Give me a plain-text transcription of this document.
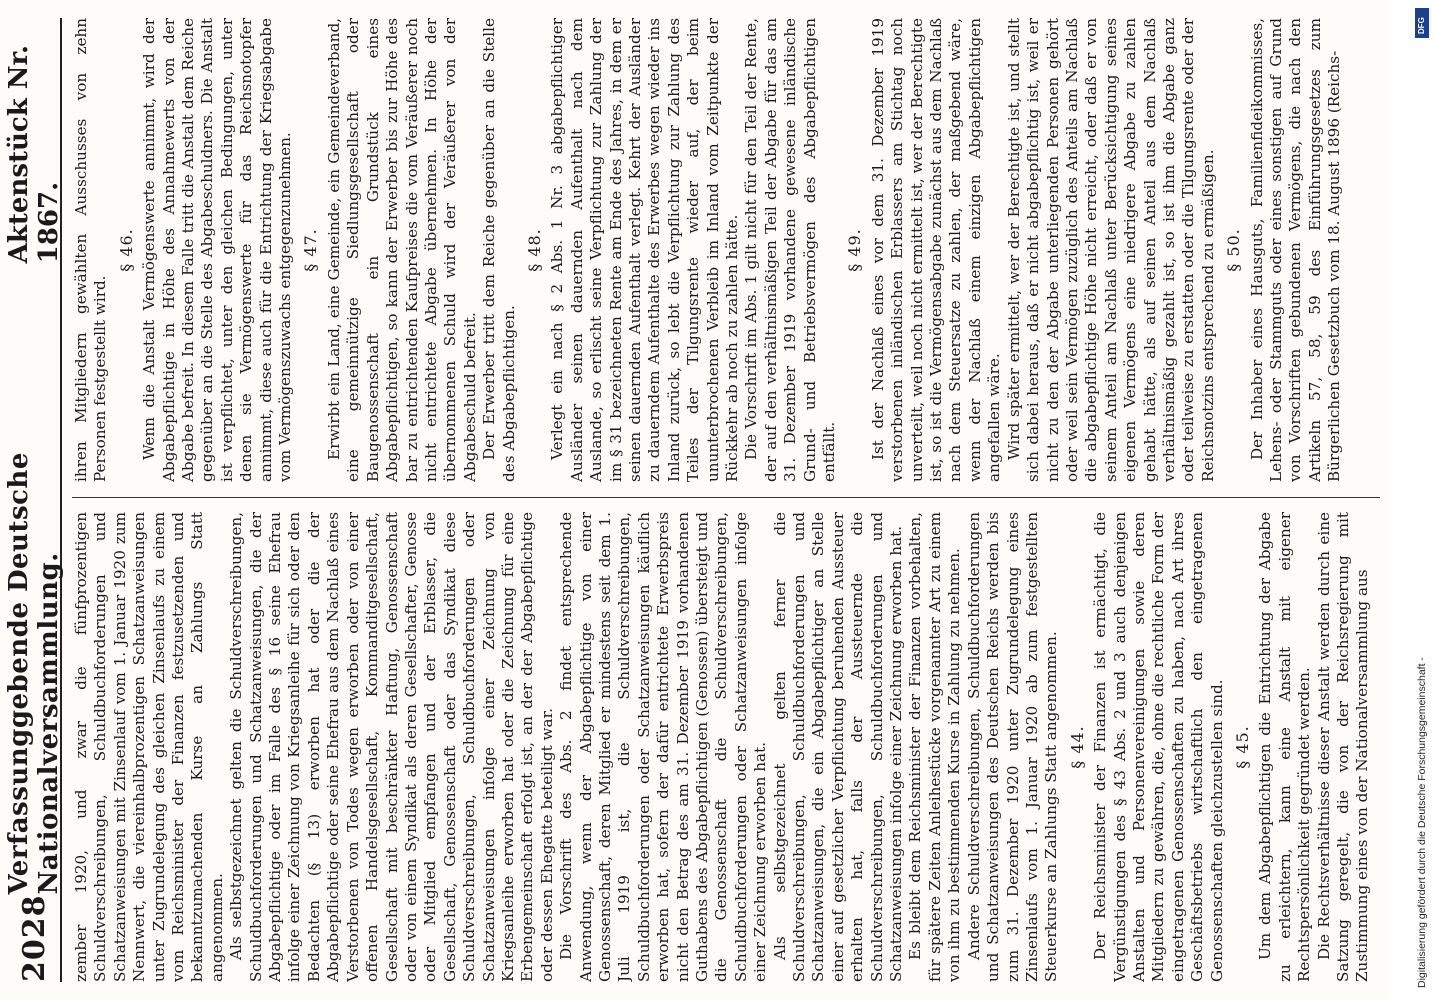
2028
Verfassunggebende Deutsche Nationalversammlung.
Aktenstück Nr. 1867.

zember 1920, und zwar die fünfprozentigen Schuldverschreibungen, Schuldbuchforderungen und Schatzanweisungen mit Zinsenlauf vom 1. Januar 1920 zum Nennwert, die viereinhalbprozentigen Schatzanweisungen unter Zugrundelegung des gleichen Zinsenlaufs zu einem vom Reichsminister der Finanzen festzusetzenden und bekanntzumachenden Kurse an Zahlungs Statt angenommen. Als selbstgezeichnet gelten die Schuldverschreibungen, Schuldbuchforderungen und Schatzanweisungen, die der Abgabepflichtige oder im Falle des § 16 seine Ehefrau infolge einer Zeichnung von Kriegsanleihe für sich oder den Bedachten (§ 13) erworben hat oder die der Abgabepflichtige oder seine Ehefrau aus dem Nachlaß eines Verstorbenen von Todes wegen erworben oder von einer offenen Handelsgesellschaft, Kommanditgesellschaft, Gesellschaft mit beschränkter Haftung, Genossenschaft oder von einem Syndikat als deren Gesellschafter, Genosse oder Mitglied empfangen und der Erblasser, die Gesellschaft, Genossenschaft oder das Syndikat diese Schuldverschreibungen, Schuldbuchforderungen oder Schatzanweisungen infolge einer Zeichnung von Kriegsanleihe erworben hat oder die Zeichnung für eine Erbengemeinschaft erfolgt ist, an der der Abgabepflichtige oder dessen Ehegatte beteiligt war. Die Vorschrift des Abs. 2 findet entsprechende Anwendung, wenn der Abgabepflichtige von einer Genossenschaft, deren Mitglied er mindestens seit dem 1. Juli 1919 ist, die Schuldverschreibungen, Schuldbuchforderungen oder Schatzanweisungen käuflich erworben hat, sofern der dafür entrichtete Erwerbspreis nicht den Betrag des am 31. Dezember 1919 vorhandenen Guthabens des Abgabepflichtigen (Genossen) übersteigt und die Genossenschaft die Schuldverschreibungen, Schuldbuchforderungen oder Schatzanweisungen infolge einer Zeichnung erworben hat. Als selbstgezeichnet gelten ferner die Schuldverschreibungen, Schuldbuchforderungen und Schatzanweisungen, die ein Abgabepflichtiger an Stelle einer auf gesetzlicher Verpflichtung beruhenden Aussteuer erhalten hat, falls der Aussteuernde die Schuldverschreibungen, Schuldbuchforderungen und Schatzanweisungen infolge einer Zeichnung erworben hat. Es bleibt dem Reichsminister der Finanzen vorbehalten, für spätere Zeiten Anleihestücke vorgenannter Art zu einem von ihm zu bestimmenden Kurse in Zahlung zu nehmen. Andere Schuldverschreibungen, Schuldbuchforderungen und Schatzanweisungen des Deutschen Reichs werden bis zum 31. Dezember 1920 unter Zugrundelegung eines Zinsenlaufs vom 1. Januar 1920 ab zum festgestellten Steuerkurse an Zahlungs Statt angenommen. § 44. Der Reichsminister der Finanzen ist ermächtigt, die Vergünstigungen des § 43 Abs. 2 und 3 auch denjenigen Anstalten und Personenvereinigungen sowie deren Mitgliedern zu gewähren, die, ohne die rechtliche Form der eingetragenen Genossenschaften zu haben, nach Art ihres Geschäftsbetriebs wirtschaftlich den eingetragenen Genossenschaften gleichzustellen sind. § 45. Um dem Abgabepflichtigen die Entrichtung der Abgabe zu erleichtern, kann eine Anstalt mit eigener Rechtspersönlichkeit gegründet werden. Die Rechtsverhältnisse dieser Anstalt werden durch eine Satzung geregelt, die von der Reichsregierung mit Zustimmung eines von der Nationalversammlung aus

ihren Mitgliedern gewählten Ausschusses von zehn Personen festgestellt wird.

§ 46. Wenn die Anstalt Vermögenswerte annimmt, wird der Abgabepflichtige in Höhe des Annahmewerts von der Abgabe befreit. In diesem Falle tritt die Anstalt dem Reiche gegenüber an die Stelle des Abgabeschuldners. Die Anstalt ist verpflichtet, unter den gleichen Bedingungen, unter denen sie Vermögenswerte für das Reichsnotopfer annimmt, diese auch für die Entrichtung der Kriegsabgabe vom Vermögenszuwachs entgegenzunehmen. § 47. Erwirbt ein Land, eine Gemeinde, ein Gemeindeverband, eine gemeinnützige Siedlungsgesellschaft oder Baugenossenschaft ein Grundstück eines Abgabepflichtigen, so kann der Erwerber bis zur Höhe des bar zu entrichtenden Kaufpreises die vom Veräußerer noch nicht entrichtete Abgabe übernehmen. In Höhe der übernommenen Schuld wird der Veräußerer von der Abgabeschuld befreit. Der Erwerber tritt dem Reiche gegenüber an die Stelle des Abgabepflichtigen.

§ 48. Verlegt ein nach § 2 Abs. 1 Nr. 3 abgabepflichtiger Ausländer seinen dauernden Aufenthalt nach dem Auslande, so erlischt seine Verpflichtung zur Zahlung der im § 31 bezeichneten Rente am Ende des Jahres, in dem er seinen dauernden Aufenthalt verlegt. Kehrt der Ausländer zu dauerndem Aufenthalte des Erwerbes wegen wieder ins Inland zurück, so lebt die Verpflichtung zur Zahlung des Teiles der Tilgungsrente wieder auf, der beim ununterbrochenen Verbleib im Inland vom Zeitpunkte der Rückkehr ab noch zu zahlen hätte. Die Vorschrift im Abs. 1 gilt nicht für den Teil der Rente, der auf den verhältnismäßigen Teil der Abgabe für das am 31. Dezember 1919 vorhandene gewesene inländische Grund- und Betriebsvermögen des Abgabepflichtigen entfällt.

§ 49. Ist der Nachlaß eines vor dem 31. Dezember 1919 verstorbenen inländischen Erblassers am Stichtag noch unverteilt, weil noch nicht ermittelt ist, wer der Berechtigte ist, so ist die Vermögensabgabe zunächst aus dem Nachlaß nach dem Steuersatze zu zahlen, der maßgebend wäre, wenn der Nachlaß einem einzigen Abgabepflichtigen angefallen wäre. Wird später ermittelt, wer der Berechtigte ist, und stellt sich dabei heraus, daß er nicht abgabepflichtig ist, weil er nicht zu den der Abgabe unterliegenden Personen gehört oder weil sein Vermögen zuzüglich des Anteils am Nachlaß die abgabepflichtige Höhe nicht erreicht, oder daß er von seinem Anteil am Nachlaß unter Berücksichtigung seines eigenen Vermögens eine niedrigere Abgabe zu zahlen gehabt hätte, als auf seinen Anteil aus dem Nachlaß verhältnismäßig gezahlt ist, so ist ihm die Abgabe ganz oder teilweise zu erstatten oder die Tilgungsrente oder der Reichsnotzins entsprechend zu ermäßigen. § 50. Der Inhaber eines Hausguts, Familienfideikommisses, Lehens- oder Stammguts oder eines sonstigen auf Grund von Vorschriften gebundenen Vermögens, die nach den Artikeln 57, 58, 59 des Einführungsgesetzes zum Bürgerlichen Gesetzbuch vom 18. August 1896 (Reichs-

DFG
Digitalisierung gefördert durch die Deutsche Forschungsgemeinschaft -
